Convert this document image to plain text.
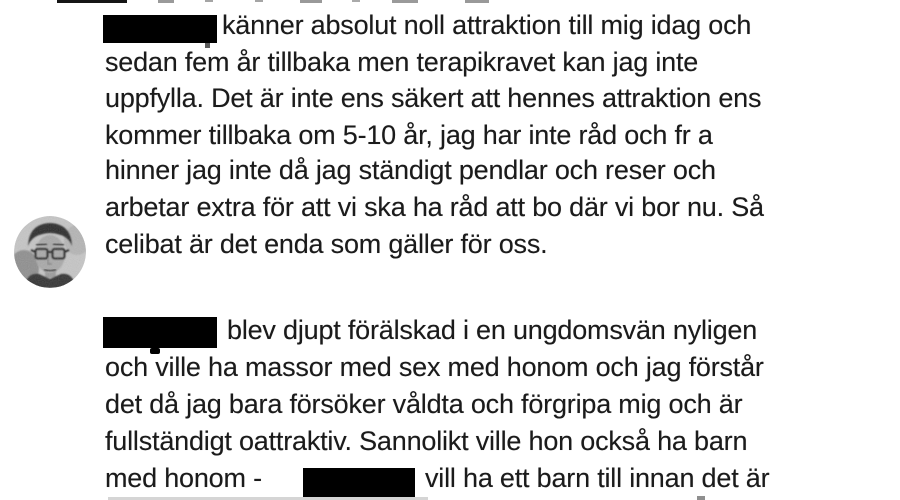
känner absolut noll attraktion till mig idag och
sedan fem år tillbaka men terapikravet kan jag inte
uppfylla. Det är inte ens säkert att hennes attraktion ens
kommer tillbaka om 5-10 år, jag har inte råd och fr a
hinner jag inte då jag ständigt pendlar och reser och
arbetar extra för att vi ska ha råd att bo där vi bor nu. Så
celibat är det enda som gäller för oss.
blev djupt förälskad i en ungdomsvän nyligen
och ville ha massor med sex med honom och jag förstår
det då jag bara försöker våldta och förgripa mig och är
fullständigt oattraktiv. Sannolikt ville hon också ha barn
med honom -	vill ha ett barn till innan det är
